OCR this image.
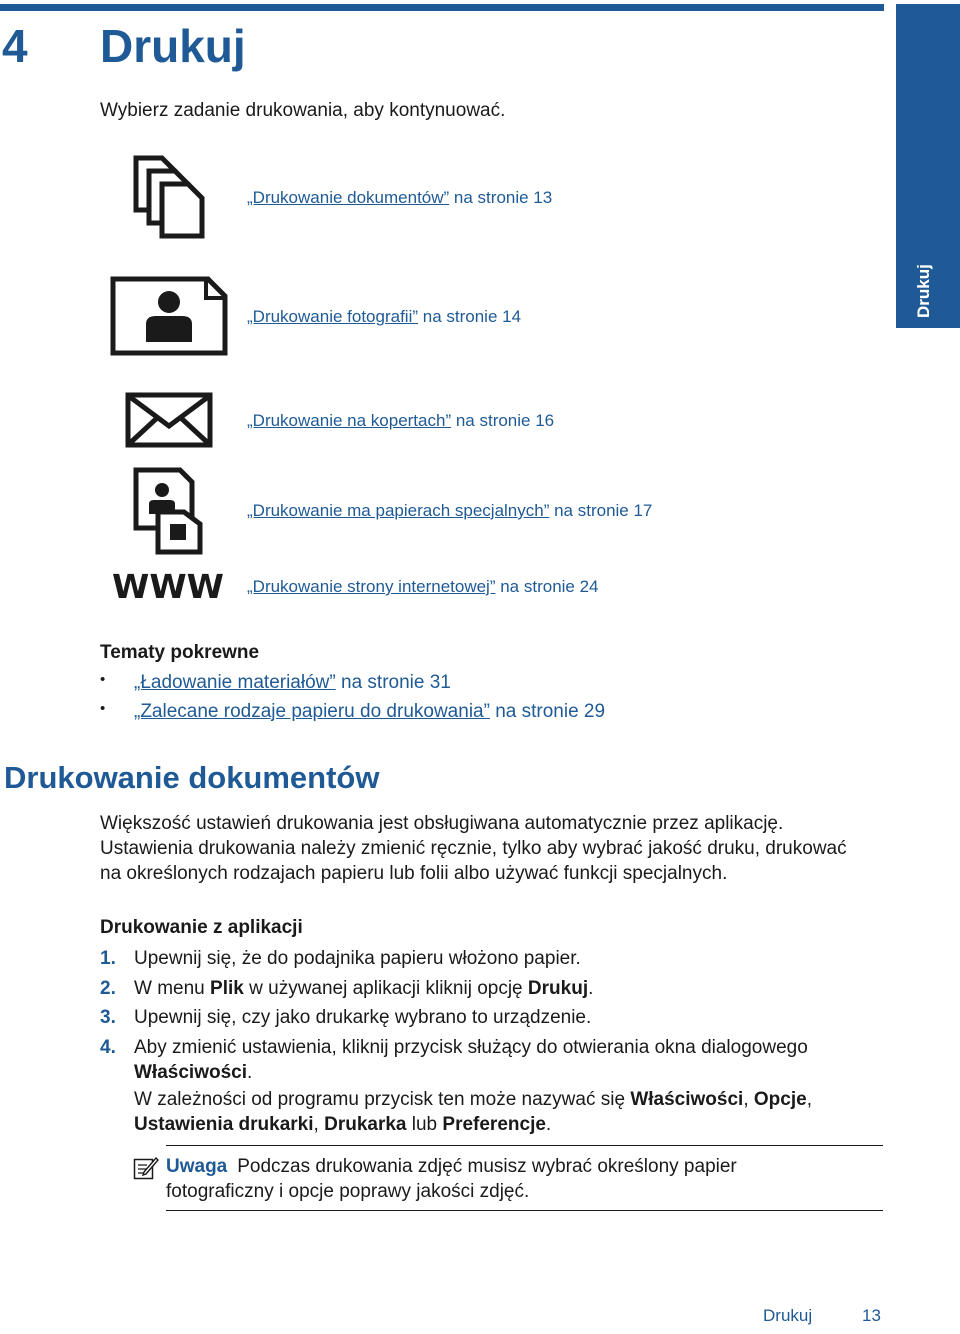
4 Drukuj
Drukuj
Wybierz zadanie drukowania, aby kontynuować.
WWW
„Drukowanie dokumentów” na stronie 13
„Drukowanie fotografii” na stronie 14
„Drukowanie na kopertach” na stronie 16
„Drukowanie ma papierach specjalnych” na stronie 17
„Drukowanie strony internetowej” na stronie 24
Tematy pokrewne
• „Ładowanie materiałów” na stronie 31
• „Zalecane rodzaje papieru do drukowania” na stronie 29
Drukowanie dokumentów
Większość ustawień drukowania jest obsługiwana automatycznie przez aplikację.
Ustawienia drukowania należy zmienić ręcznie, tylko aby wybrać jakość druku, drukować
na określonych rodzajach papieru lub folii albo używać funkcji specjalnych.
Drukowanie z aplikacji
1. Upewnij się, że do podajnika papieru włożono papier.
2. W menu Plik w używanej aplikacji kliknij opcję Drukuj.
3. Upewnij się, czy jako drukarkę wybrano to urządzenie.
4. Aby zmienić ustawienia, kliknij przycisk służący do otwierania okna dialogowego
Właściwości.
W zależności od programu przycisk ten może nazywać się Właściwości, Opcje,
Ustawienia drukarki, Drukarka lub Preferencje.
Uwaga Podczas drukowania zdjęć musisz wybrać określony papier
fotograficzny i opcje poprawy jakości zdjęć.
Drukuj	13
